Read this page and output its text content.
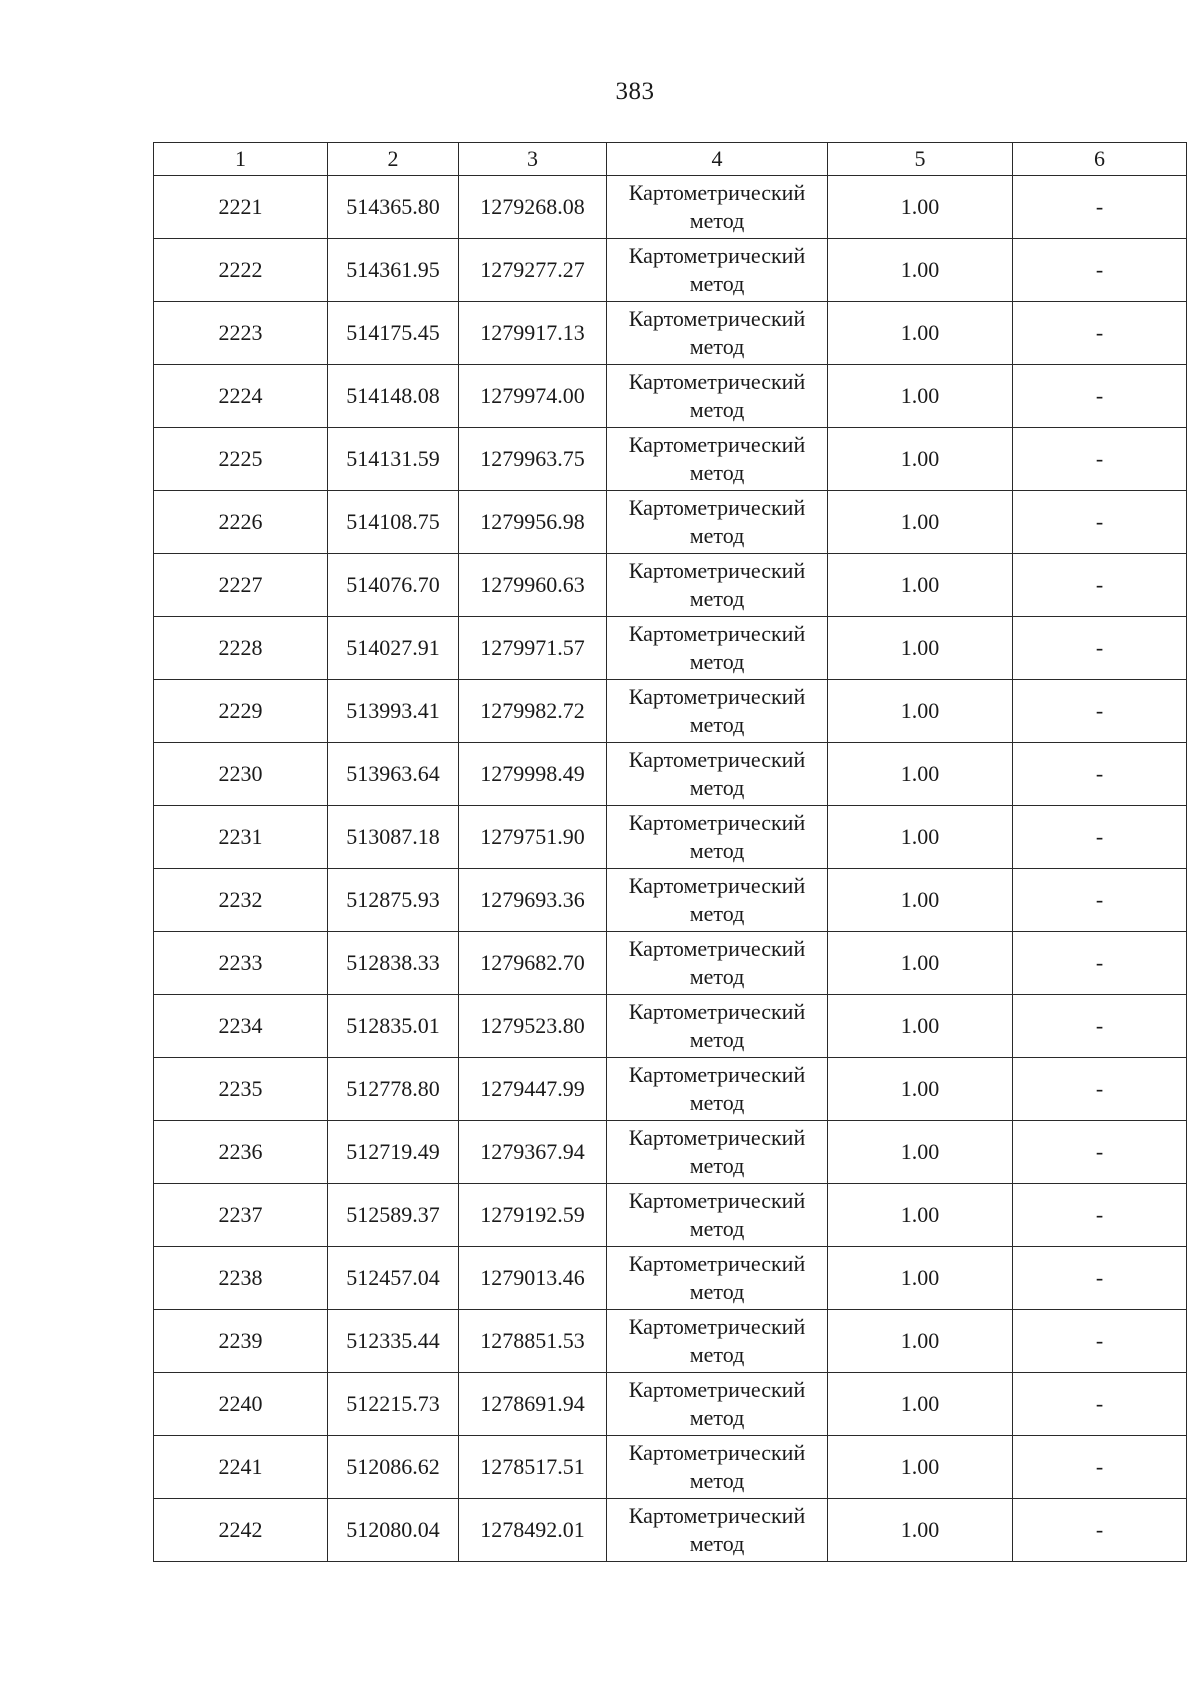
383
1	2	3	4	5	6
2221	514365.80	1279268.08	Картометрический
метод	1.00	-
2222	514361.95	1279277.27	Картометрический
метод	1.00	-
2223	514175.45	1279917.13	Картометрический
метод	1.00	-
2224	514148.08	1279974.00	Картометрический
метод	1.00	-
2225	514131.59	1279963.75	Картометрический
метод	1.00	-
2226	514108.75	1279956.98	Картометрический
метод	1.00	-
2227	514076.70	1279960.63	Картометрический
метод	1.00	-
2228	514027.91	1279971.57	Картометрический
метод	1.00	-
2229	513993.41	1279982.72	Картометрический
метод	1.00	-
2230	513963.64	1279998.49	Картометрический
метод	1.00	-
2231	513087.18	1279751.90	Картометрический
метод	1.00	-
2232	512875.93	1279693.36	Картометрический
метод	1.00	-
2233	512838.33	1279682.70	Картометрический
метод	1.00	-
2234	512835.01	1279523.80	Картометрический
метод	1.00	-
2235	512778.80	1279447.99	Картометрический
метод	1.00	-
2236	512719.49	1279367.94	Картометрический
метод	1.00	-
2237	512589.37	1279192.59	Картометрический
метод	1.00	-
2238	512457.04	1279013.46	Картометрический
метод	1.00	-
2239	512335.44	1278851.53	Картометрический
метод	1.00	-
2240	512215.73	1278691.94	Картометрический
метод	1.00	-
2241	512086.62	1278517.51	Картометрический
метод	1.00	-
2242	512080.04	1278492.01	Картометрический
метод	1.00	-
